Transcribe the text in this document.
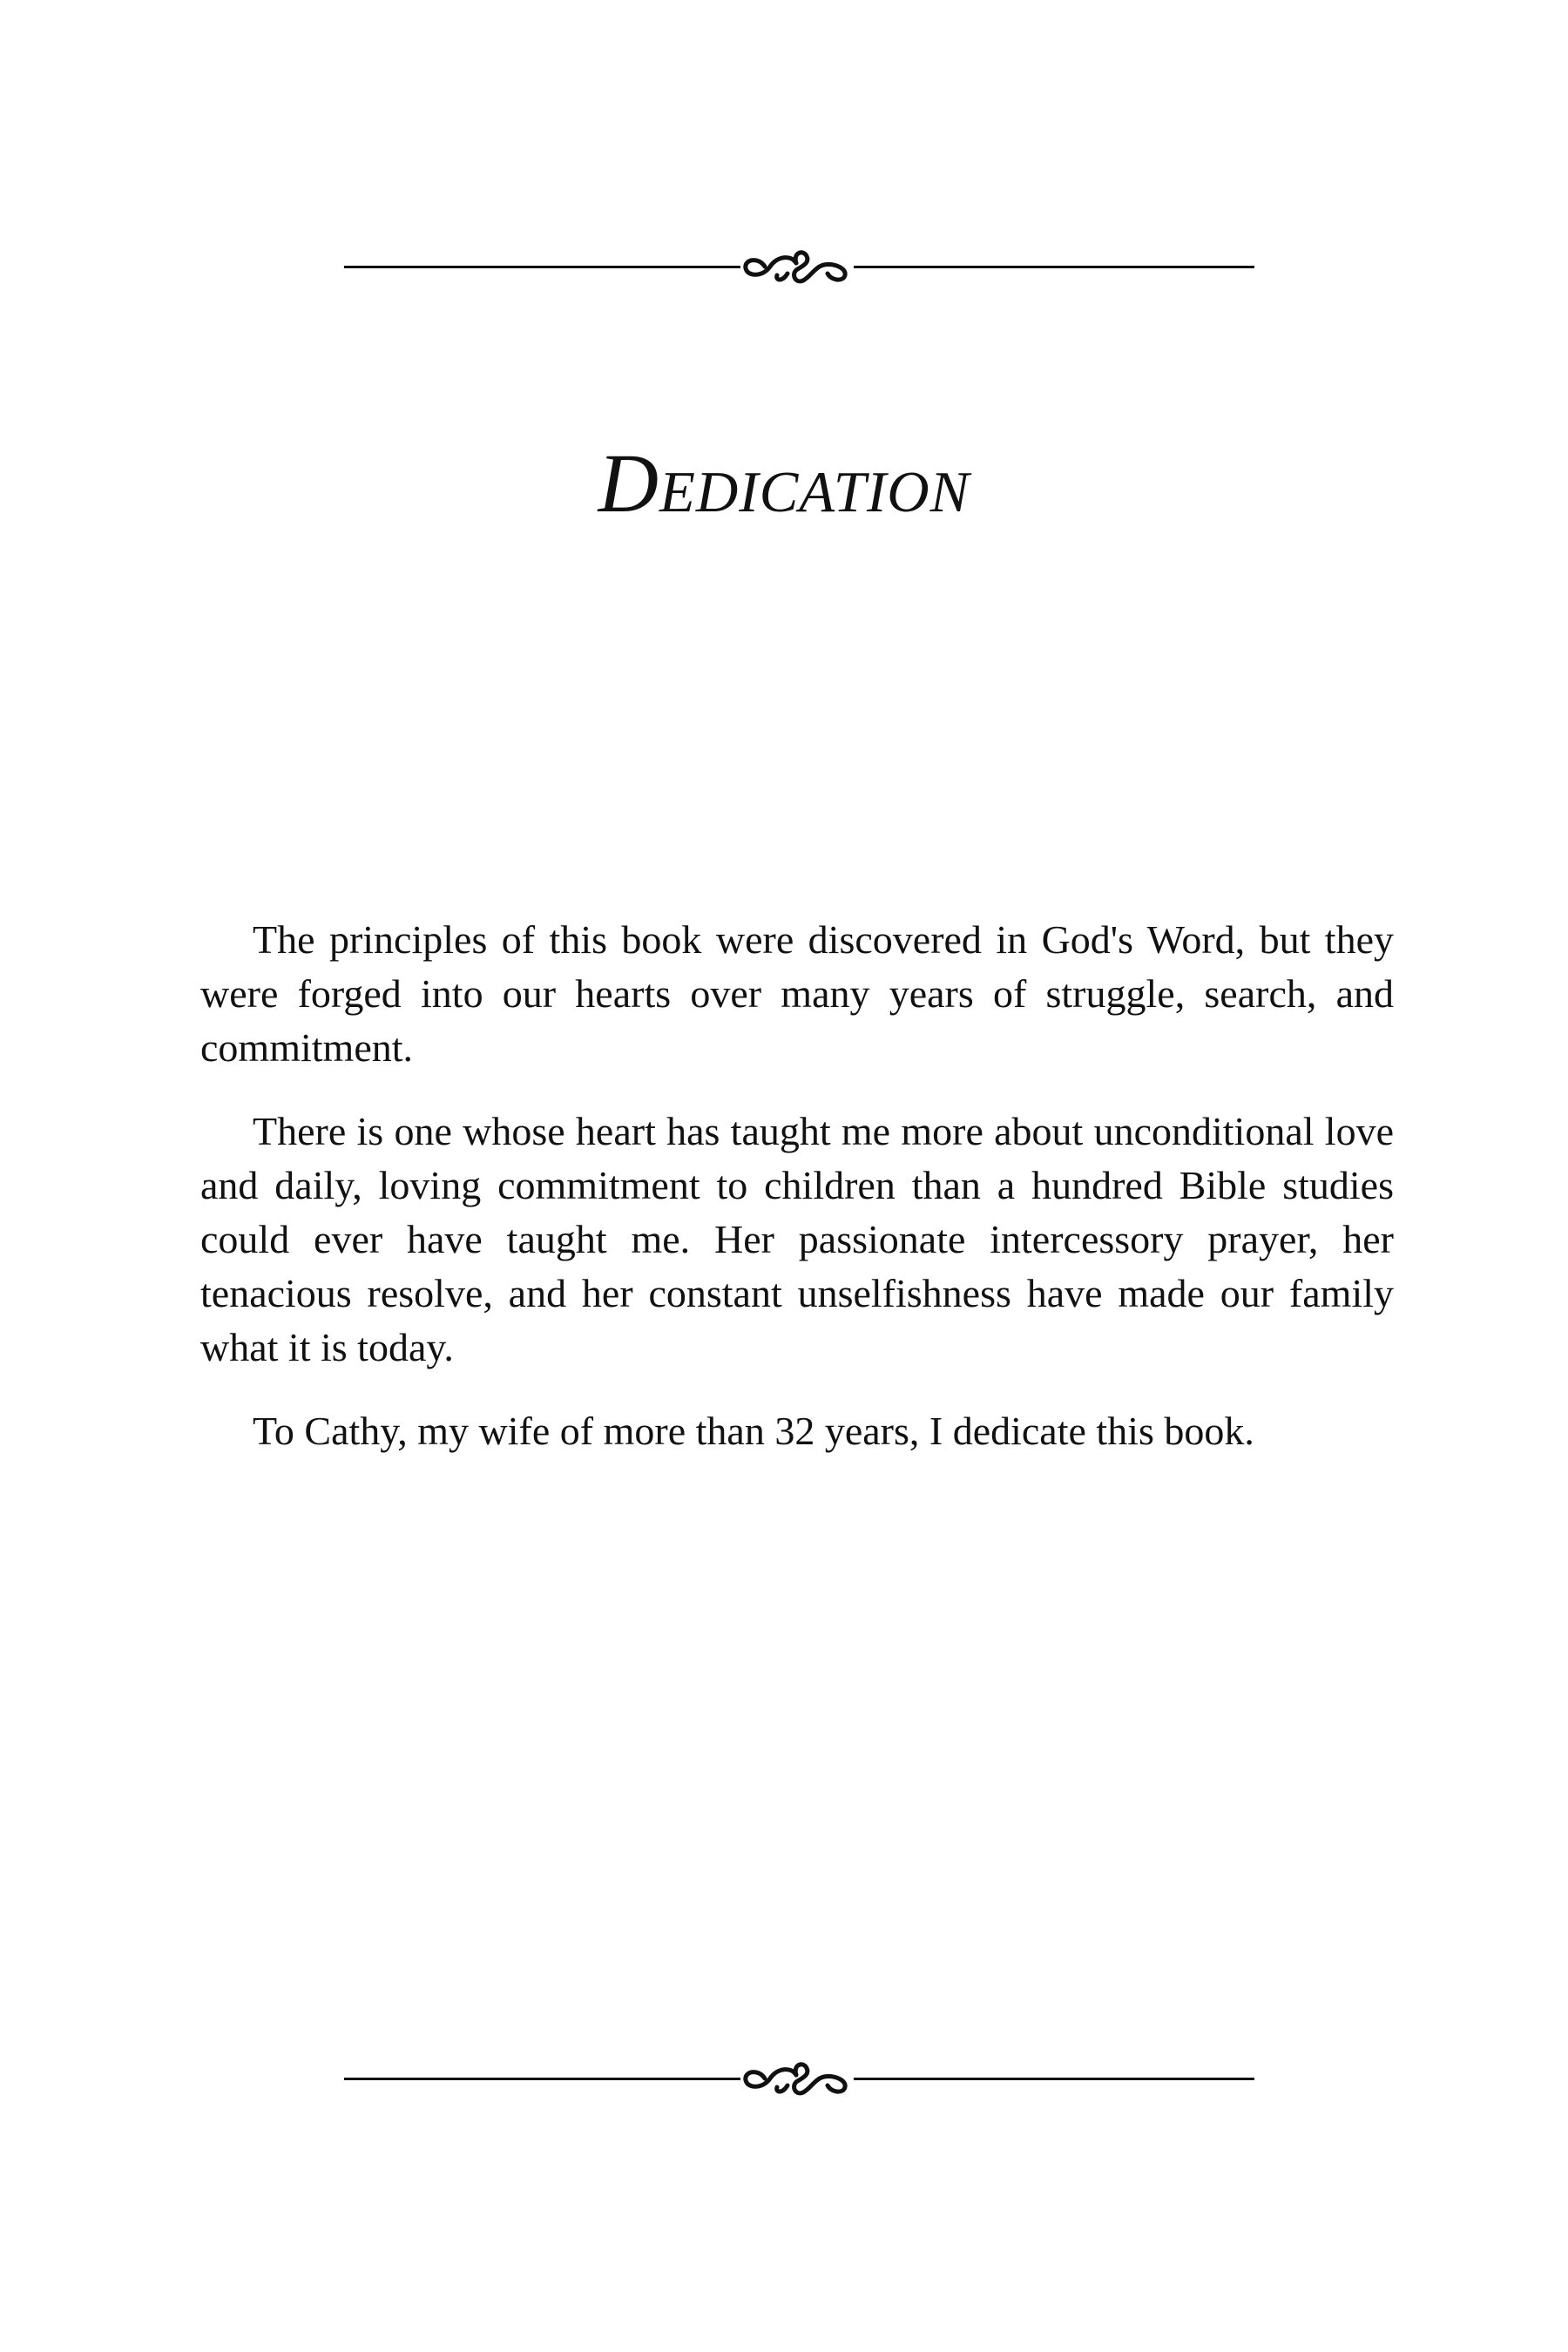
Dedication

The principles of this book were discovered in God's Word, but they were forged into our hearts over many years of struggle, search, and commitment.

There is one whose heart has taught me more about unconditional love and daily, loving commitment to children than a hundred Bible studies could ever have taught me. Her passionate intercessory prayer, her tenacious resolve, and her constant unselfishness have made our family what it is today.

To Cathy, my wife of more than 32 years, I dedicate this book.
